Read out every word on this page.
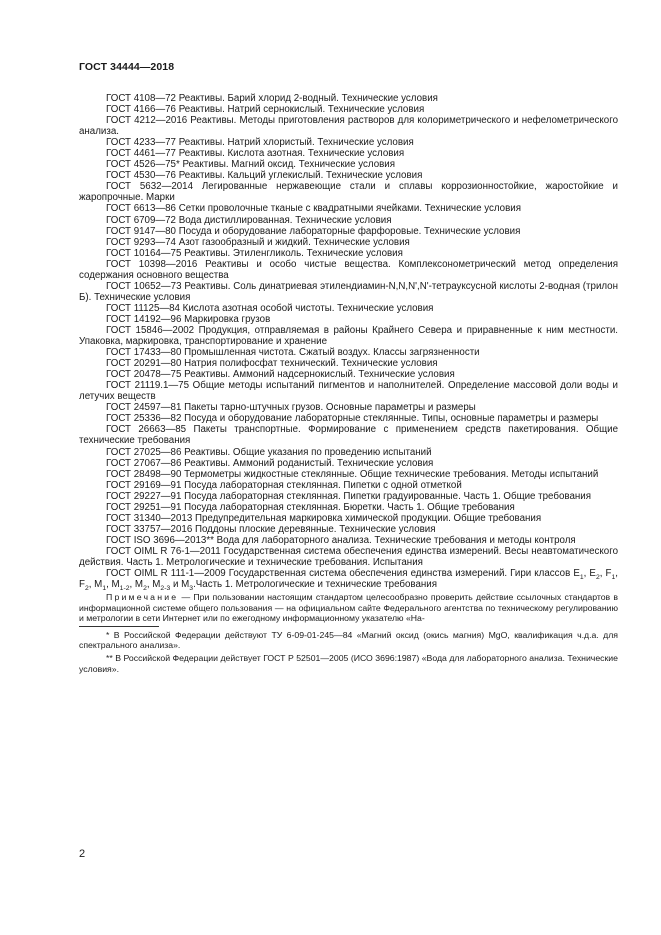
ГОСТ 34444—2018

ГОСТ 4108—72 Реактивы. Барий хлорид 2-водный. Технические условия

ГОСТ 4166—76 Реактивы. Натрий сернокислый. Технические условия

ГОСТ 4212—2016 Реактивы. Методы приготовления растворов для колориметрического и нефелометрического анализа.

ГОСТ 4233—77 Реактивы. Натрий хлористый. Технические условия

ГОСТ 4461—77 Реактивы. Кислота азотная. Технические условия

ГОСТ 4526—75* Реактивы. Магний оксид. Технические условия

ГОСТ 4530—76 Реактивы. Кальций углекислый. Технические условия

ГОСТ 5632—2014 Легированные нержавеющие стали и сплавы коррозионностойкие, жаростойкие и жаропрочные. Марки

ГОСТ 6613—86 Сетки проволочные тканые с квадратными ячейками. Технические условия

ГОСТ 6709—72 Вода дистиллированная. Технические условия

ГОСТ 9147—80 Посуда и оборудование лабораторные фарфоровые. Технические условия

ГОСТ 9293—74 Азот газообразный и жидкий. Технические условия

ГОСТ 10164—75 Реактивы. Этиленгликоль. Технические условия

ГОСТ 10398—2016 Реактивы и особо чистые вещества. Комплексонометрический метод определения содержания основного вещества

ГОСТ 10652—73 Реактивы. Соль динатриевая этилендиамин-N,N,N',N'-тетрауксусной кислоты 2-водная (трилон Б). Технические условия

ГОСТ 11125—84 Кислота азотная особой чистоты. Технические условия

ГОСТ 14192—96 Маркировка грузов

ГОСТ 15846—2002 Продукция, отправляемая в районы Крайнего Севера и приравненные к ним местности. Упаковка, маркировка, транспортирование и хранение

ГОСТ 17433—80 Промышленная чистота. Сжатый воздух. Классы загрязненности

ГОСТ 20291—80 Натрия полифосфат технический. Технические условия

ГОСТ 20478—75 Реактивы. Аммоний надсернокислый. Технические условия

ГОСТ 21119.1—75 Общие методы испытаний пигментов и наполнителей. Определение массовой доли воды и летучих веществ

ГОСТ 24597—81 Пакеты тарно-штучных грузов. Основные параметры и размеры

ГОСТ 25336—82 Посуда и оборудование лабораторные стеклянные. Типы, основные параметры и размеры

ГОСТ 26663—85 Пакеты транспортные. Формирование с применением средств пакетирования. Общие технические требования

ГОСТ 27025—86 Реактивы. Общие указания по проведению испытаний

ГОСТ 27067—86 Реактивы. Аммоний роданистый. Технические условия

ГОСТ 28498—90 Термометры жидкостные стеклянные. Общие технические требования. Методы испытаний

ГОСТ 29169—91 Посуда лабораторная стеклянная. Пипетки с одной отметкой

ГОСТ 29227—91 Посуда лабораторная стеклянная. Пипетки градуированные. Часть 1. Общие требования

ГОСТ 29251—91 Посуда лабораторная стеклянная. Бюретки. Часть 1. Общие требования

ГОСТ 31340—2013 Предупредительная маркировка химической продукции. Общие требования

ГОСТ 33757—2016 Поддоны плоские деревянные. Технические условия

ГОСТ ISO 3696—2013** Вода для лабораторного анализа. Технические требования и методы контроля

ГОСТ OIML R 76-1—2011 Государственная система обеспечения единства измерений. Весы неавтоматического действия. Часть 1. Метрологические и технические требования. Испытания

ГОСТ OIML R 111-1—2009 Государственная система обеспечения единства измерений. Гири классов $E_1$, $E_2$, $F_1$, $F_2$, $M_1$, $M_{1-2}$, $M_2$, $M_{2-3}$ и $M_3.Часть$ 1. Метрологические и технические требования

Примечание — При пользовании настоящим стандартом целесообразно проверить действие ссылочных стандартов в информационной системе общего пользования — на официальном сайте Федерального агентства по техническому регулированию и метрологии в сети Интернет или по ежегодному информационному указателю «На-

* В Российской Федерации действуют ТУ 6-09-01-245—84 «Магний оксид (окись магния) MgO, квалификация ч.д.а. для спектрального анализа».

** В Российской Федерации действует ГОСТ Р 52501—2005 (ИСО 3696:1987) «Вода для лабораторного анализа. Технические условия».

2
